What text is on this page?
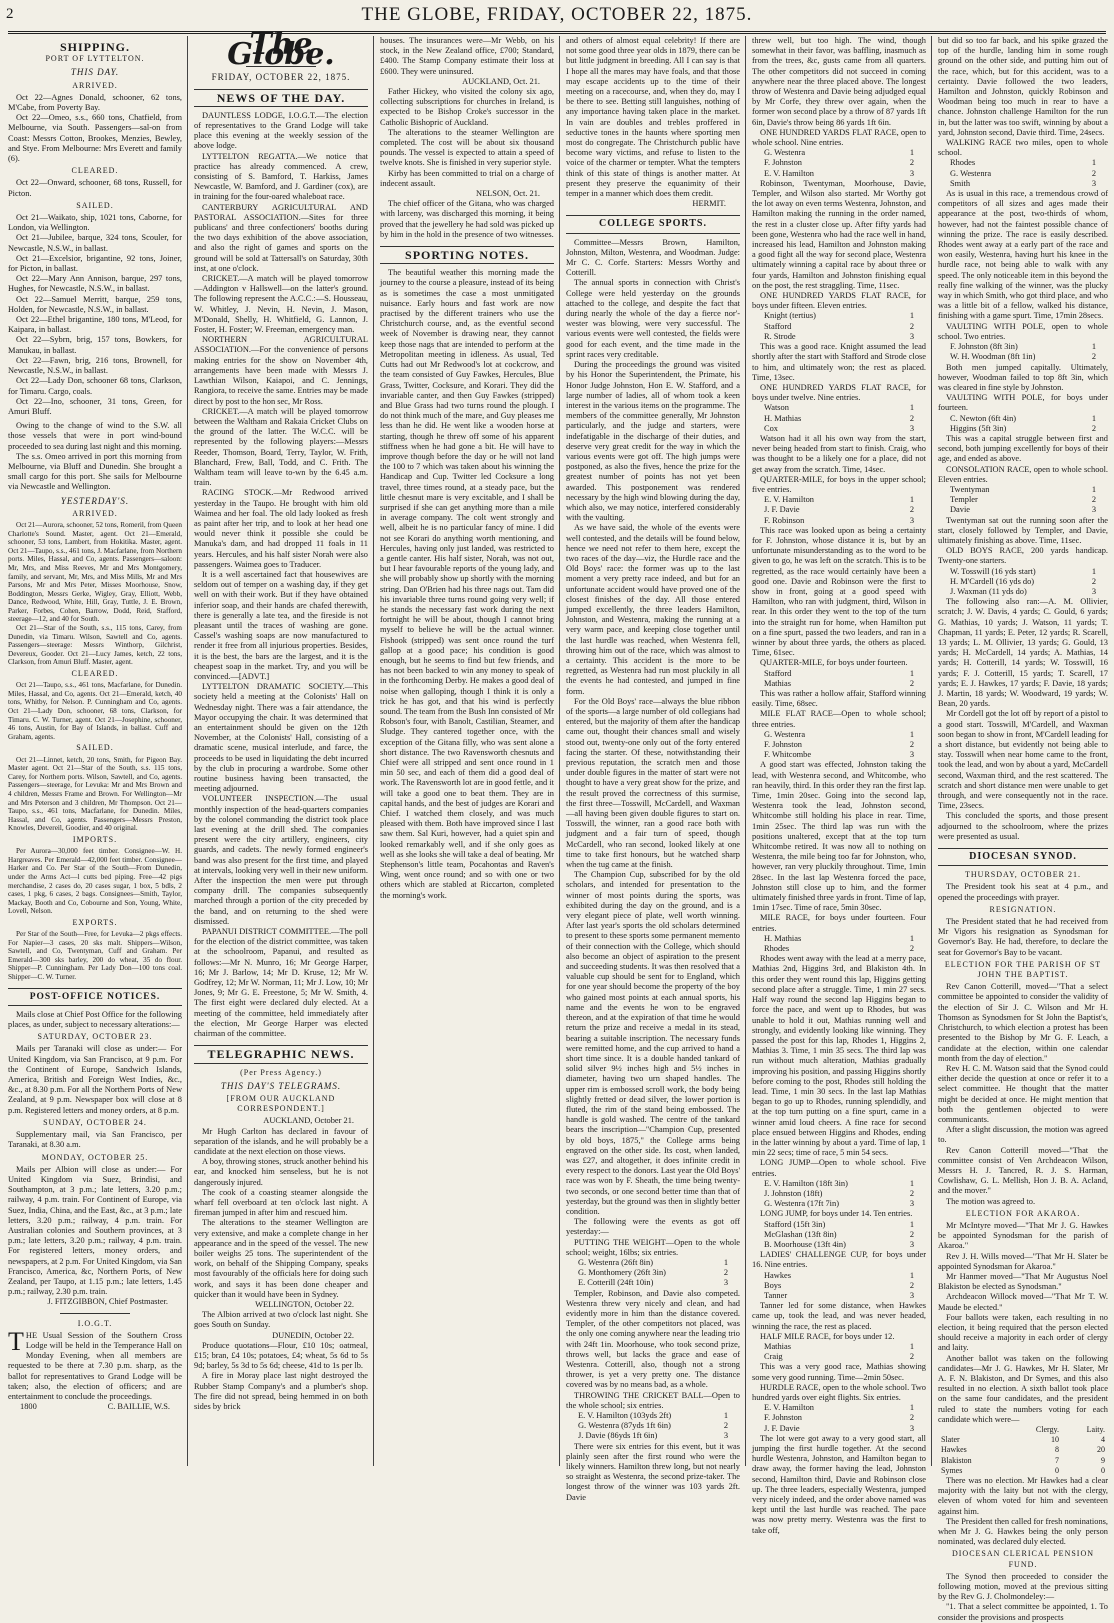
2	THE GLOBE, FRIDAY, OCTOBER 22, 1875.
SHIPPING.
PORT OF LYTTELTON.
THIS DAY.
ARRIVED.

Oct 22—Agnes Donald, schooner, 62 tons, M'Cabe, from Poverty Bay.

Oct 22—Omeo, s.s., 660 tons, Chatfield, from Melbourne, via South. Passengers—sal-on from Coast: Messrs Cotton, Brookes, Menzies, Bewley, and Stye. From Melbourne: Mrs Everett and family (6).

CLEARED.

Oct 22—Onward, schooner, 68 tons, Russell, for Picton.

SAILED.

Oct 21—Waikato, ship, 1021 tons, Caborne, for London, via Wellington.

Oct 21—Jubilee, barque, 324 tons, Scouler, for Newcastle, N.S.W., in ballast.

Oct 21—Excelsior, brigantine, 92 tons, Joiner, for Picton, in ballast.

Oct 22—Mary Ann Annison, barque, 297 tons, Hughes, for Newcastle, N.S.W., in ballast.

Oct 22—Samuel Merritt, barque, 259 tons, Holden, for Newcastle, N.S.W., in ballast.

Oct 22—Ethel brigantine, 180 tons, M'Leod, for Kaipara, in ballast.

Oct 22—Sybrn, brig, 157 tons, Bowkers, for Manukau, in ballast.

Oct 22—Fawn, brig, 216 tons, Brownell, for Newcastle, N.S.W., in ballast.

Oct 22—Lady Don, schooner 68 tons, Clarkson, for Timaru. Cargo, coals.

Oct 22—Ino, schooner, 31 tons, Green, for Amuri Bluff.

Owing to the change of wind to the S.W. all those vessels that were in port wind-bound proceeded to sea during last night and this morning.

The s.s. Omeo arrived in port this morning from Melbourne, via Bluff and Dunedin. She brought a small cargo for this port. She sails for Melbourne via Newcastle and Wellington.

YESTERDAY'S.
ARRIVED.

Oct 21—Aurora, schooner, 52 tons, Romeril, from Queen Charlotte's Sound. Master, agent. Oct 21—Emerald, schooner, 53 tons, Lambert, from Hokitika. Master, agent. Oct 21—Taupo, s.s., 461 tons, J. Macfarlane, from Northern ports. Miles, Hassal, and Co, agents. Passengers—saloon: Mr, Mrs, and Miss Reeves, Mr and Mrs Montgomery, family, and servant, Mr, Mrs, and Miss Mills, Mr and Mrs Parsons, Mr and Mrs Peter, Misses Moorhouse, Snow, Boddington, Messrs Gerke, Wigley, Gray, Elliott, Webb, Dance, Redwood, White, Hill, Gray, Tuttle, J. E. Brown, Parker, Forbes, Cohen, Barrow, Dodd, Reid, Stafford, steerage—12, and 40 for South.

Oct 21—Star of the South, s.s., 115 tons, Carey, from Dunedin, via Timaru. Wilson, Sawtell and Co, agents. Passengers—steerage: Messrs Winthorp, Gilchrist, Devereux, Gooder. Oct 21—Lucy James, ketch, 22 tons, Clarkson, from Amuri Bluff. Master, agent.

CLEARED.

Oct 21—Taupo, s.s., 461 tons, Macfarlane, for Dunedin. Miles, Hassal, and Co, agents. Oct 21—Emerald, ketch, 40 tons, Whitby, for Nelson. P. Cunningham and Co, agents. Oct 21—Lady Don, schooner, 68 tons, Clarkson, for Timaru. C. W. Turner, agent. Oct 21—Josephine, schooner, 46 tons, Austin, for Bay of Islands, in ballast. Cuff and Graham, agents.

SAILED.

Oct 21—Linnet, ketch, 20 tons, Smith, for Pigeon Bay. Master agent. Oct 21—Star of the South, s.s. 115 tons, Carey, for Northern ports. Wilson, Sawtell, and Co, agents. Passengers—steerage, for Levuka: Mr and Mrs Brown and 4 children, Messrs Frame and Brown. For Wellington—Mr and Mrs Peterson and 3 children, Mr Thompson. Oct 21—Taupo, s.s., 461 tons, Macfarlane, for Dunedin. Miles, Hassal, and Co, agents. Passengers—Messrs Preston, Knowles, Devereil, Goodier, and 40 original.

IMPORTS.

Per Aurora—30,000 feet timber. Consignee—W. H. Hargreaves. Per Emerald—42,000 feet timber. Consignee—Harker and Co. Per Star of the South—From Dunedin, under the Arms Act—l cutts bed piping. Free—42 pigs merchandise, 2 cases do, 20 cases sugar, 1 box, 5 bdls, 2 cases, 1 pkg, 6 cases, 2 bags. Consignees—Smith, Taylor, Mackay, Booth and Co, Cobourne and Son, Young, White, Lovell, Nelson.

EXPORTS.

Per Star of the South—Free, for Levuka—2 pkgs effects. For Napier—3 cases, 20 sks malt. Shippers—Wilson, Sawtell, and Co, Twentyman, Cuff and Graham. Per Emerald—300 sks barley, 200 do wheat, 35 do flour. Shipper—P. Cunningham. Per Lady Don—100 tons coal. Shipper—C. W. Turner.

POST-OFFICE NOTICES.

Mails close at Chief Post Office for the following places, as under, subject to necessary alterations:—

SATURDAY, OCTOBER 23.

Mails per Taranaki will close as under:— For United Kingdom, via San Francisco, at 9 p.m. For the Continent of Europe, Sandwich Islands, America, British and Foreign West Indies, &c., &c., at 8.30 p.m. For all the Northern Ports of New Zealand, at 9 p.m. Newspaper box will close at 8 p.m. Registered letters and money orders, at 8 p.m.

SUNDAY, OCTOBER 24.

Supplementary mail, via San Francisco, per Taranaki, at 8.30 a.m.

MONDAY, OCTOBER 25.

Mails per Albion will close as under:— For United Kingdom via Suez, Brindisi, and Southampton, at 3 p.m.; late letters, 3.20 p.m.; railway, 4 p.m. train. For Continent of Europe, via Suez, India, China, and the East, &c., at 3 p.m.; late letters, 3.20 p.m.; railway, 4 p.m. train. For Australian colonies and Southern provinces, at 3 p.m.; late letters, 3.20 p.m.; railway, 4 p.m. train. For registered letters, money orders, and newspapers, at 2 p.m. For United Kingdom, via San Francisco, America, &c, Northern Ports, of New Zealand, per Taupo, at 1.15 p.m.; late letters, 1.45 p.m.; railway, 2.30 p.m. train.

J. FITZGIBBON, Chief Postmaster.
I.O.G.T.

THE Usual Session of the Southern Cross Lodge will be held in the Temperance Hall on Monday Evening, when all members are requested to be there at 7.30 p.m. sharp, as the ballot for representatives to Grand Lodge will be taken; also, the election of officers; and are entertainment to conclude the proceedings.

1800	C. BAILLIE, W.S.
The Globe.
FRIDAY, OCTOBER 22, 1875.
NEWS OF THE DAY.

DAUNTLESS LODGE, I.O.G.T.—The election of representatives to the Grand Lodge will take place this evening at the weekly session of the above lodge.

LYTTELTON REGATTA.—We notice that practice has already commenced. A crew, consisting of S. Bamford, T. Harkiss, James Newcastle, W. Bamford, and J. Gardiner (cox), are in training for the four-oared whaleboat race.

CANTERBURY AGRICULTURAL AND PASTORAL ASSOCIATION.—Sites for three publicans' and three confectioners' booths during the two days exhibition of the above association, and also the right of games and sports on the ground will be sold at Tattersall's on Saturday, 30th inst, at one o'clock.

CRICKET.—A match will be played tomorrow—Addington v Hallswell—on the latter's ground. The following represent the A.C.C.:—S. Housseau, W. Whitley, J. Nevin, H. Nevin, J. Mason, M'Donald, Shelly, H. Whitfield, G. Lannon, J. Foster, H. Foster; W. Freeman, emergency man.

NORTHERN AGRICULTURAL ASSOCIATION.—For the convenience of persons making entries for the show on November 4th, arrangements have been made with Messrs J. Lawthian Wilson, Kaiapoi, and C. Jennings, Rangiora, to receive the same. Entries may be made direct by post to the hon sec, Mr Ross.

CRICKET.—A match will be played tomorrow between the Waltham and Rakaia Cricket Clubs on the ground of the latter. The W.C.C. will be represented by the following players:—Messrs Reeder, Thomson, Board, Terry, Taylor, W. Frith, Blanchard, Frew, Ball, Todd, and C. Frith. The Waltham team will leave to-wn by the 6.45 a.m. train.

RACING STOCK.—Mr Redwood arrived yesterday in the Taupo. He brought with him old Waimea and her foal. The old lady looked as fresh as paint after her trip, and to look at her head one would never think it possible she could be Manuka's dam, and had dropped 11 foals in 11 years. Hercules, and his half sister Norah were also passengers. Waimea goes to Traducer.

It is a well ascertained fact that housewives are seldom out of temper on a washing day, if they get well on with their work. But if they have obtained inferior soap, and their hands are chafed therewith, there is generally a late tea, and the fireside is not pleasant until the traces of washing are gone. Cassel's washing soaps are now manufactured to render it free from all injurious properties. Besides, it is the best, the bars are the largest, and it is the cheapest soap in the market. Try, and you will be convinced.—[ADVT.]

LYTTELTON DRAMATIC SOCIETY.—This society held a meeting at the Colonists' Hall on Wednesday night. There was a fair attendance, the Mayor occupying the chair. It was determined that an entertainment should be given on the 12th November, at the Colonists' Hall, consisting of a dramatic scene, musical interlude, and farce, the proceeds to be used in liquidating the debt incurred by the club in procuring a wardrobe. Some other routine business having been transacted, the meeting adjourned.

VOLUNTEER INSPECTION.—The usual monthly inspection of the head-quarters companies by the colonel commanding the district took place last evening at the drill shed. The companies present were the city artillery, engineers, city guards, and cadets. The newly formed engineer's band was also present for the first time, and played at intervals, looking very well in their new uniform. After the inspection the men were put through company drill. The companies subsequently marched through a portion of the city preceded by the band, and on returning to the shed were dismissed.

PAPANUI DISTRICT COMMITTEE.—The poll for the election of the district committee, was taken at the schoolroom, Papanui, and resulted as follows:—Mr N. Munro, 16; Mr George Harper, 16; Mr J. Barlow, 14; Mr D. Kruse, 12; Mr W. Godfrey, 12; Mr W. Norman, 11; Mr J. Low, 10; Mr Jones, 9; Mr G. E. Freestone, 5; Mr W. Smith, 4. The first eight were declared duly elected. At a meeting of the committee, held immediately after the election, Mr George Harper was elected chairman of the committee.

TELEGRAPHIC NEWS.
(Per Press Agency.)
THIS DAY'S TELEGRAMS.
[FROM OUR AUCKLAND CORRESPONDENT.]
AUCKLAND, October 21.

Mr Hugh Carlton has declared in favour of separation of the islands, and he will probably be a candidate at the next election on those views.

A boy, throwing stones, struck another behind his ear, and knocked him senseless, but he is not dangerously injured.

The cook of a coasting steamer alongside the wharf fell overboard at ten o'clock last night. A fireman jumped in after him and rescued him.

The alterations to the steamer Wellington are very extensive, and make a complete change in her appearance and in the speed of the vessel. The new boiler weighs 25 tons. The superintendent of the work, on behalf of the Shipping Company, speaks most favourably of the officials here for doing such work, and says it has been done cheaper and quicker than it would have been in Sydney.

WELLINGTON, October 22.

The Albion arrived at two o'clock last night. She goes South on Sunday.

DUNEDIN, October 22.

Produce quotations—Flour, £10 10s; oatmeal, £15; bran, £4 10s; potatoes, £4; wheat, 5s 6d to 5s 9d; barley, 5s 3d to 5s 6d; cheese, 41d to 1s per lb.

A fire in Moray place last night destroyed the Rubber Stamp Company's and a plumber's shop. The fire did not spread, being hemmed in on both sides by brick

houses. The insurances were—Mr Webb, on his stock, in the New Zealand office, £700; Standard, £400. The Stamp Company estimate their loss at £600. They were uninsured.

AUCKLAND, Oct. 21.

Father Hickey, who visited the colony six ago, collecting subscriptions for churches in Ireland, is expected to be Bishop Croke's successor in the Catholic Bishopric of Auckland.

The alterations to the steamer Wellington are completed. The cost will be about six thousand pounds. The vessel is expected to attain a speed of twelve knots. She is finished in very superior style.

Kirby has been committed to trial on a charge of indecent assault.

NELSON, Oct. 21.

The chief officer of the Gitana, who was charged with larceny, was discharged this morning, it being proved that the jewellery he had sold was picked up by him in the hold in the presence of two witnesses.

SPORTING NOTES.

The beautiful weather this morning made the journey to the course a pleasure, instead of its being as is sometimes the case a most unmitigated nuisance. Early hours and fast work are now practised by the different trainers who use the Christchurch course, and, as the eventful second week of November is drawing near, they cannot keep those nags that are intended to perform at the Metropolitan meeting in idleness. As usual, Ted Cutts had out Mr Redwood's lot at cockcrow, and the team consisted of Guy Fawkes, Hercules, Blue Grass, Twitter, Cocksure, and Korari. They did the invariable canter, and then Guy Fawkes (stripped) and Blue Grass had two turns round the plough. I do not think much of the mare, and Guy pleases me less than he did. He went like a wooden horse at starting, though he threw off some of his apparent stiffness when he had gone a bit. He will have to improve though before the day or he will not land the 100 to 7 which was taken about his winning the Handicap and Cup. Twitter led Cocksure a long travel, three times round, at a steady pace, but the little chesnut mare is very excitable, and I shall be surprised if she can get anything more than a mile in average company. The colt went strongly and well, albeit he is no particular fancy of mine. I did not see Korari do anything worth mentioning, and Hercules, having only just landed, was restricted to a gentle canter. His half sister, Norah, was not out, but I hear favourable reports of the young lady, and she will probably show up shortly with the morning string. Dan O'Brien had his three nags out. Tam did his invariable three turns round going very well; if he stands the necessary fast work during the next fortnight he will be about, though I cannot bring myself to believe he will be the actual winner. Fishook (stripped) was sent once round the turf gallop at a good pace; his condition is good enough, but he seems to find but few friends, and has not been backed to win any money to speak of in the forthcoming Derby. He makes a good deal of noise when galloping, though I think it is only a trick he has got, and that his wind is perfectly sound. The team from the Bush Inn consisted of Mr Robson's four, with Banolt, Castilian, Steamer, and Sludge. They cantered together once, with the exception of the Gitana filly, who was sent alone a short distance. The two Ravensworth chesnuts and Chief were all stripped and sent once round in 1 min 50 sec, and each of them did a good deal of work. The Ravensworth lot are in good fettle, and it will take a good one to beat them. They are in capital hands, and the best of judges are Korari and Chief. I watched them closely, and was much pleased with them. Both have improved since I last saw them. Sal Kuri, however, had a quiet spin and looked remarkably well, and if she only goes as well as she looks she will take a deal of beating. Mr Stephenson's little team, Pocahontas and Raven's Wing, went once round; and so with one or two others which are stabled at Riccarton, completed the morning's work.

and others of almost equal celebrity! If there are not some good three year olds in 1879, there can be but little judgment in breeding. All I can say is that I hope all the mares may have foals, and that those may escape accidents up to the time of their meeting on a racecourse, and, when they do, may I be there to see. Betting still languishes, nothing of any importance having taken place in the market. In vain are doubles and trebles proffered in seductive tones in the haunts where sporting men most do congregate. The Christchurch public have become wary victims, and refuse to listen to the voice of the charmer or tempter. What the tempters think of this state of things is another matter. At present they preserve the equanimity of their temper in a manner which does them credit.

HERMIT.
COLLEGE SPORTS.

Committee—Messrs Brown, Hamilton, Johnston, Milton, Westenra, and Woodman. Judge: Mr C. C. Corfe. Starters: Messrs Worthy and Cotterill.

The annual sports in connection with Christ's College were held yesterday on the grounds attached to the college, and despite the fact that during nearly the whole of the day a fierce nor'-wester was blowing, were very successful. The various events were well contested, the fields were good for each event, and the time made in the sprint races very creditable.

During the proceedings the ground was visited by his Honor the Superintendent, the Primate, his Honor Judge Johnston, Hon E. W. Stafford, and a large number of ladies, all of whom took a keen interest in the various items on the programme. The members of the committee generally, Mr Johnston particularly, and the judge and starters, were indefatigable in the discharge of their duties, and deserve very great credit for the way in which the various events were got off. The high jumps were postponed, as also the fives, hence the prize for the greatest number of points has not yet been awarded. This postponement was rendered necessary by the high wind blowing during the day, which also, we may notice, interfered considerably with the vaulting.

As we have said, the whole of the events were well contested, and the details will be found below, hence we need not refer to them here, except the two races of the day—viz, the Hurdle race and the Old Boys' race: the former was up to the last moment a very pretty race indeed, and but for an unfortunate accident would have proved one of the closest finishes of the day. All those entered jumped excellently, the three leaders Hamilton, Johnston, and Westenra, making the running at a very warm pace, and keeping close together until the last hurdle was reached, when Westenra fell, throwing him out of the race, which was almost to a certainty. This accident is the more to be regretted, as Westenra had run most pluckily in all the events he had contested, and jumped in fine form.

For the Old Boys' race—always the blue ribbon of the sports—a large number of old collegians had entered, but the majority of them after the handicap came out, thought their chances small and wisely stood out, twenty-one only out of the forty entered facing the starter. Of these, notwithstanding their previous reputation, the scratch men and those under double figures in the matter of start were not thought to have a very great show for the prize, and the result proved the correctness of this surmise, the first three—Tosswill, McCardell, and Waxman—all having been given double figures to start on. Tosswill, the winner, ran a good race both with judgment and a fair turn of speed, though McCardell, who ran second, looked likely at one time to take first honours, but he watched sharp when the tug came at the finish.

The Champion Cup, subscribed for by the old scholars, and intended for presentation to the winner of most points during the sports, was exhibited during the day on the ground, and is a very elegant piece of plate, well worth winning. After last year's sports the old scholars determined to present to these sports some permanent memento of their connection with the College, which should also become an object of aspiration to the present and succeeding students. It was then resolved that a valuable cup should be sent for to England, which for one year should become the property of the boy who gained most points at each annual sports, his name and the events he won to be engraved thereon, and at the expiration of that time he would return the prize and receive a medal in its stead, bearing a suitable inscription. The necessary funds were remitted home, and the cup arrived to hand a short time since. It is a double handed tankard of solid silver 9½ inches high and 5½ inches in diameter, having two urn shaped handles. The upper rim is embossed scroll work, the body being slightly fretted or dead silver, the lower portion is fluted, the rim of the stand being embossed. The handle is gold washed. The centre of the tankard bears the inscription—"Champion Cup, presented by old boys, 1875," the College arms being engraved on the other side. Its cost, when landed, was £27, and altogether, it does infinite credit in every respect to the donors. Last year the Old Boys' race was won by F. Sheath, the time being twenty-two seconds, or one second better time than that of yesterday, but the ground was then in slightly better condition.

The following were the events as got off yesterday:—

PUTTING THE WEIGHT—Open to the whole school; weight, 16lbs; six entries.

G. Westenra (26ft 8in)	1
G. Monthomery (26ft 3in)	2
E. Cotterill (24ft 10in)	3

Templer, Robinson, and Davie also competed. Westenra threw very nicely and clean, and had evidently more in him than the distance covered. Templer, of the other competitors not placed, was the only one coming anywhere near the leading trio with 24ft 1in. Moorhouse, who took second prize, throws well, but lacks the grace and ease of Westenra. Cotterill, also, though not a strong thrower, is yet a very pretty one. The distance covered was by no means bad, as a whole.

THROWING THE CRICKET BALL—Open to the whole school; six entries.

E. V. Hamilton (103yds 2ft)	1
G. Westenra (87yds 1ft 6in)	2
J. Davie (86yds 1ft 6in)	3

There were six entries for this event, but it was plainly seen after the first round who were the likely winners. Hamilton threw long, but not nearly so straight as Westenra, the second prize-taker. The longest throw of the winner was 103 yards 2ft. Davie

threw well, but too high. The wind, though somewhat in their favor, was baffling, inasmuch as from the trees, &c, gusts came from all quarters. The other competitors did not succeed in coming anywhere near the three placed above. The longest throw of Westenra and Davie being adjudged equal by Mr Corfe, they threw over again, when the former won second place by a throw of 87 yards 1ft 6in, Davie's throw being 86 yards 1ft 6in.

ONE HUNDRED YARDS FLAT RACE, open to whole school. Nine entries.

G. Westenra	1
F. Johnston	2
E. V. Hamilton	3

Robinson, Twentyman, Moorhouse, Davie, Templer, and Wilson also started. Mr Worthy got the lot away on even terms Westenra, Johnston, and Hamilton making the running in the order named, the rest in a cluster close up. After fifty yards had been gone, Westenra who had the race well in hand, increased his lead, Hamilton and Johnston making a good fight all the way for second place, Westenra ultimately winning a capital race by about three or four yards, Hamilton and Johnston finishing equal on the post, the rest straggling. Time, 11sec.

ONE HUNDRED YARDS FLAT RACE, for boys under fifteen. Eleven entries.

Knight (tertius)	1
Stafford	2
R. Strode	3

This was a good race. Knight assumed the lead shortly after the start with Stafford and Strode close to him, and ultimately won; the rest as placed. Time, 13sec.

ONE HUNDRED YARDS FLAT RACE, for boys under twelve. Nine entries.

Watson	1
H. Mathias	2
Cox	3

Watson had it all his own way from the start, never being headed from start to finish. Craig, who was thought to be a likely one for a place, did not get away from the scratch. Time, 14sec.

QUARTER-MILE, for boys in the upper school; five entries.

E. V. Hamilton	1
J. F. Davie	2
F. Robinson	3

This race was looked upon as being a certainty for F. Johnston, whose distance it is, but by an unfortunate misunderstanding as to the word to be given to go, he was left on the scratch. This is to be regretted, as the race would certainly have been a good one. Davie and Robinson were the first to show in front, going at a good speed with Hamilton, who ran with judgment, third, Wilson in rear. In this order they went to the top of the turn into the straight run for home, when Hamilton put on a fine spurt, passed the two leaders, and ran in a winner by about three yards, the others as placed. Time, 61sec.

QUARTER-MILE, for boys under fourteen.

Stafford	1
Mathias	2

This was rather a hollow affair, Stafford winning easily. Time, 68sec.

MILE FLAT RACE—Open to whole school; three entries.

G. Westenra	1
F. Johnston	2
F. Whitcombe	3

A good start was effected, Johnston taking the lead, with Westenra second, and Whitcombe, who ran heavily, third. In this order they ran the first lap. Time, 1min 20sec. Going into the second lap, Westenra took the lead, Johnston second, Whitcombe still holding his place in rear. Time, 1min 25sec. The third lap was run with the positions unaltered, except that at the top turn Whitcombe retired. It was now all to nothing on Westenra, the mile being too far for Johnston, who, however, ran very pluckily throughout. Time, 1min 28sec. In the last lap Westenra forced the pace, Johnston still close up to him, and the former ultimately finished three yards in front. Time of lap, 1min 17sec. Time of race, 5min 30sec.

MILE RACE, for boys under fourteen. Four entries.

H. Mathias	1
Rhodes	2

Rhodes went away with the lead at a merry pace, Mathias 2nd, Higgins 3rd, and Blakiston 4th. In this order they went round this lap, Higgins getting second place after a struggle. Time, 1 min 27 secs. Half way round the second lap Higgins began to force the pace, and went up to Rhodes, but was unable to hold it out, Mathias running well and strongly, and evidently looking like winning. They passed the post for this lap, Rhodes 1, Higgins 2, Mathias 3. Time, 1 min 35 secs. The third lap was run without much alteration, Mathias gradually improving his position, and passing Higgins shortly before coming to the post, Rhodes still holding the lead. Time, 1 min 30 secs. In the last lap Mathias began to go up to Rhodes, running splendidly, and at the top turn putting on a fine spurt, came in a winner amid loud cheers. A fine race for second place ensued between Higgins and Rhodes, ending in the latter winning by about a yard. Time of lap, 1 min 22 secs; time of race, 5 min 54 secs.

LONG JUMP—Open to whole school. Five entries.

E. V. Hamilton (18ft 3in)	1
J. Johnston (18ft)	2
G. Westenra (17ft 7in)	3

LONG JUMP, for boys under 14. Ten entries.

Stafford (15ft 3in)	1
McGlashan (13ft 8in)	2
B. Moorhouse (13ft 4in)	3

LADIES' CHALLENGE CUP, for boys under 16. Nine entries.

Hawkes	1
Boys	2
Tanner	3

Tanner led for some distance, when Hawkes came up, took the lead, and was never headed, winning the race, the rest as placed.

HALF MILE RACE, for boys under 12.

Mathias	1
Craig	2

This was a very good race, Mathias showing some very good running. Time—2min 50sec.

HURDLE RACE, open to the whole school. Two hundred yards over eight flights. Six entries.

E. V. Hamilton	1
F. Johnston	2
J. F. Davie	3

The lot were got away to a very good start, all jumping the first hurdle together. At the second hurdle Westenra, Johnston, and Hamilton began to draw away, the former having the lead, Johnston second, Hamilton third, Davie and Robinson close up. The three leaders, especially Westenra, jumped very nicely indeed, and the order above named was kept until the last hurdle was reached. The pace was now pretty merry. Westenra was the first to take off,

but did so too far back, and his spike grazed the top of the hurdle, landing him in some rough ground on the other side, and putting him out of the race, which, but for this accident, was to a certainty. Davie followed the two leaders, Hamilton and Johnston, quickly Robinson and Woodman being too much in rear to have a chance. Johnston challenge Hamilton for the run in, but the latter was too swift, winning by about a yard, Johnston second, Davie third. Time, 24secs.

WALKING RACE two miles, open to whole school.

Rhodes	1
G. Westenra	2
Smith	3

As is usual in this race, a tremendous crowd of competitors of all sizes and ages made their appearance at the post, two-thirds of whom, however, had not the faintest possible chance of winning the prize. The race is easily described. Rhodes went away at a early part of the race and won easily, Westenra, having hurt his knee in the hurdle race, not being able to walk with any speed. The only noticeable item in this beyond the really fine walking of the winner, was the plucky way in which Smith, who got third place, and who was a little bit of a fellow, walked his distance, finishing with a game spurt. Time, 17min 28secs.

VAULTING WITH POLE, open to whole school. Two entries.

F. Johnston (8ft 3in)	1
W. H. Woodman (8ft 1in)	2

Both men jumped capitally. Ultimately, however, Woodman failed to top 8ft 3in, which was cleared in fine style by Johnston.

VAULTING WITH POLE, for boys under fourteen.

C. Newton (6ft 4in)	1
Higgins (5ft 3in)	2

This was a capital struggle between first and second, both jumping excellently for boys of their age, and ended as above.

CONSOLATION RACE, open to whole school. Eleven entries.

Twentyman	1
Templer	2
Davie	3

Twentyman sat out the running soon after the start, closely followed by Templer, and Davie, ultimately finishing as above. Time, 11sec.

OLD BOYS RACE, 200 yards handicap. Twenty-one starters.

W. Tosswill (16 yds start)	1
H. M'Cardell (16 yds do)	2
J. Waxman (11 yds do)	3

The following also ran:—A. M. Ollivier, scratch; J. W. Davis, 4 yards; C. Gould, 6 yards; G. Mathias, 10 yards; J. Watson, 11 yards; T. Chapman, 11 yards; E. Peter, 12 yards; R. Scarell, 13 yards; L. M. Ollivier, 13 yards; G. Gould, 13 yards; H. McCardell, 14 yards; A. Mathias, 14 yards; H. Cotterill, 14 yards; W. Tosswill, 16 yards; F. J. Cotterill, 15 yards; T. Scarell, 17 yards; E. J. Hawkes, 17 yards; F. Davie, 18 yards; J. Martin, 18 yards; W. Woodward, 19 yards; W. Bean, 20 yards.

Mr Cordell got the lot off by report of a pistol to a good start. Tosswill, M'Cardell, and Waxman soon began to show in front, M'Cardell leading for a short distance, but evidently not being able to stay. Tosswill when near home came to the front, took the lead, and won by about a yard, McCardell second, Waxman third, and the rest scattered. The scratch and short distance men were unable to get through, and were consequently not in the race. Time, 23secs.

This concluded the sports, and those present adjourned to the schoolroom, where the prizes were presented as usual.

DIOCESAN SYNOD.
THURSDAY, OCTOBER 21.

The President took his seat at 4 p.m., and opened the proceedings with prayer.

RESIGNATION.

The President stated that he had received from Mr Vigors his resignation as Synodsman for Governor's Bay. He had, therefore, to declare the seat for Governor's Bay to be vacant.

ELECTION FOR THE PARISH OF ST JOHN THE BAPTIST.

Rev Canon Cotterill, moved—"That a select committee be appointed to consider the validity of the election of Sir J. C. Wilson and Mr H. Thomson as Synodsmen for St John the Baptist's, Christchurch, to which election a protest has been presented to the Bishop by Mr G. F. Leach, a candidate at the election, within one calendar month from the day of election."

Rev H. C. M. Watson said that the Synod could either decide the question at once or refer it to a select committee. He thought that the matter might be decided at once. He might mention that both the gentlemen objected to were communicants.

After a slight discussion, the motion was agreed to.

Rev Canon Cotterill moved—"That the committee consist of Ven Archdeacon Wilson, Messrs H. J. Tancred, R. J. S. Harman, Cowlishaw, G. L. Mellish, Hon J. B. A. Acland, and the mover."

The motion was agreed to.

ELECTION FOR AKAROA.

Mr McIntyre moved—"That Mr J. G. Hawkes be appointed Synodsman for the parish of Akaroa."

Rev J. H. Wills moved—"That Mr H. Slater be appointed Synodsman for Akaroa."

Mr Hanmer moved—"That Mr Augustus Noel Blakiston be elected as Synodsman."

Archdeacon Willock moved—"That Mr T. W. Maude be elected."

Four ballots were taken, each resulting in no election, it being required that the person elected should receive a majority in each order of clergy and laity.

Another ballot was taken on the following candidates—Mr J. G. Hawkes, Mr H. Slater, Mr A. F. N. Blakiston, and Dr Symes, and this also resulted in no election. A sixth ballot took place on the same four candidates, and the president ruled to state the numbers voting for each candidate which were—

	Clergy.	Laity.
Slater	10	4
Hawkes	8	20
Blakiston	7	9
Symes	0	0

There was no election. Mr Hawkes had a clear majority with the laity but not with the clergy, eleven of whom voted for him and seventeen against him.

The President then called for fresh nominations, when Mr J. G. Hawkes being the only person nominated, was declared duly elected.

DIOCESAN CLERICAL PENSION FUND.

The Synod then proceeded to consider the following motion, moved at the previous sitting by the Rev G. J. Cholmondeley:—

"1. That a select committee be appointed, 1. To consider the provisions and prospects
